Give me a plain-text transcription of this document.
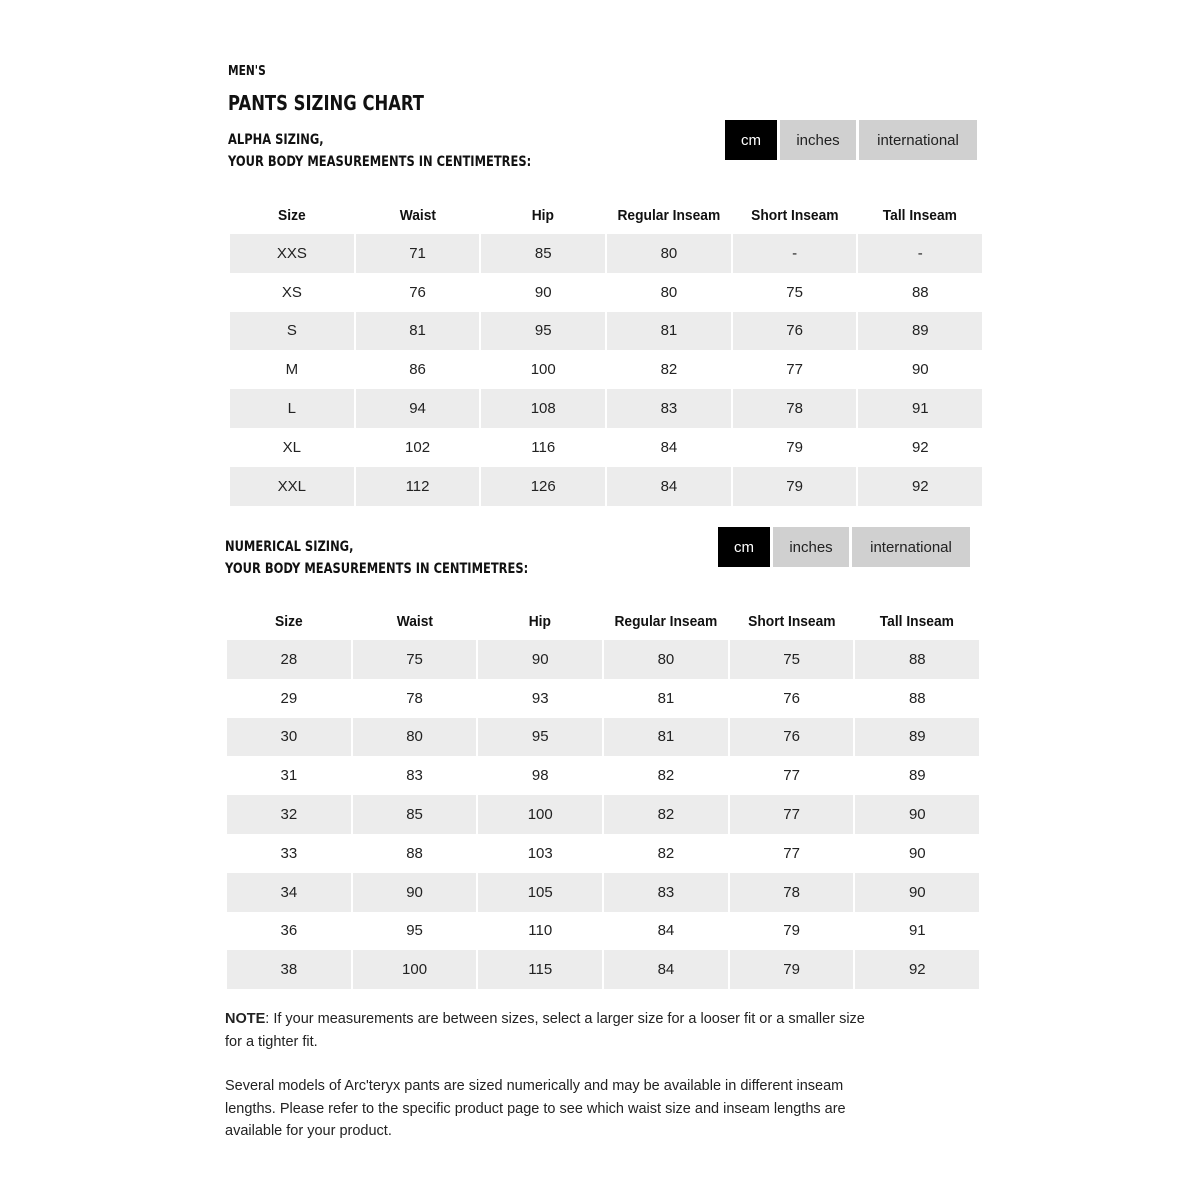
MEN'S
PANTS SIZING CHART
ALPHA SIZING,
YOUR BODY MEASUREMENTS IN CENTIMETRES:
cm	inches	international
Size	Waist	Hip	Regular Inseam	Short Inseam	Tall Inseam
XXS	71	85	80	-	-
XS	76	90	80	75	88
S	81	95	81	76	89
M	86	100	82	77	90
L	94	108	83	78	91
XL	102	116	84	79	92
XXL	112	126	84	79	92
NUMERICAL SIZING,
YOUR BODY MEASUREMENTS IN CENTIMETRES:
cm	inches	international
Size	Waist	Hip	Regular Inseam	Short Inseam	Tall Inseam
28	75	90	80	75	88
29	78	93	81	76	88
30	80	95	81	76	89
31	83	98	82	77	89
32	85	100	82	77	90
33	88	103	82	77	90
34	90	105	83	78	90
36	95	110	84	79	91
38	100	115	84	79	92
NOTE: If your measurements are between sizes, select a larger size for a looser fit or a smaller size for a tighter fit.
Several models of Arc'teryx pants are sized numerically and may be available in different inseam lengths. Please refer to the specific product page to see which waist size and inseam lengths are available for your product.
